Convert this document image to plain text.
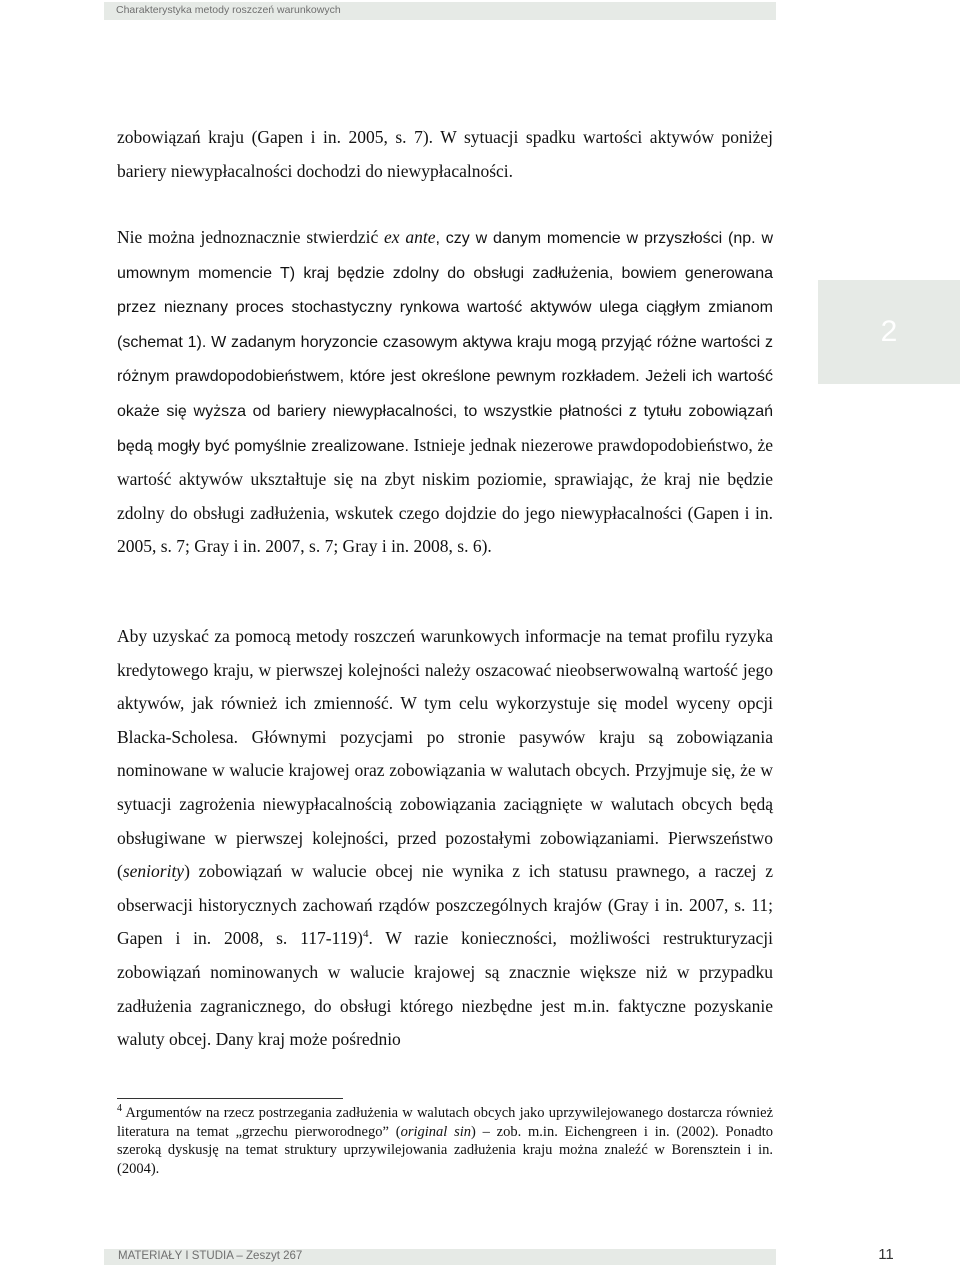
Charakterystyka metody roszczeń warunkowych

zobowiązań kraju (Gapen i in. 2005, s. 7). W sytuacji spadku wartości aktywów poniżej bariery niewypłacalności dochodzi do niewypłacalności.

Nie można jednoznacznie stwierdzić ex ante, czy w danym momencie w przyszłości (np. w umownym momencie T) kraj będzie zdolny do obsługi zadłużenia, bowiem generowana przez nieznany proces stochastyczny rynkowa wartość aktywów ulega ciągłym zmianom (schemat 1). W zadanym horyzoncie czasowym aktywa kraju mogą przyjąć różne wartości z różnym prawdopodobieństwem, które jest określone pewnym rozkładem. Jeżeli ich wartość okaże się wyższa od bariery niewypłacalności, to wszystkie płatności z tytułu zobowiązań będą mogły być pomyślnie zrealizowane. Istnieje jednak niezerowe prawdopodobieństwo, że wartość aktywów ukształtuje się na zbyt niskim poziomie, sprawiając, że kraj nie będzie zdolny do obsługi zadłużenia, wskutek czego dojdzie do jego niewypłacalności (Gapen i in. 2005, s. 7; Gray i in. 2007, s. 7; Gray i in. 2008, s. 6).

Aby uzyskać za pomocą metody roszczeń warunkowych informacje na temat profilu ryzyka kredytowego kraju, w pierwszej kolejności należy oszacować nieobserwowalną wartość jego aktywów, jak również ich zmienność. W tym celu wykorzystuje się model wyceny opcji Blacka-Scholesa. Głównymi pozycjami po stronie pasywów kraju są zobowiązania nominowane w walucie krajowej oraz zobowiązania w walutach obcych. Przyjmuje się, że w sytuacji zagrożenia niewypłacalnością zobowiązania zaciągnięte w walutach obcych będą obsługiwane w pierwszej kolejności, przed pozostałymi zobowiązaniami. Pierwszeństwo (seniority) zobowiązań w walucie obcej nie wynika z ich statusu prawnego, a raczej z obserwacji historycznych zachowań rządów poszczególnych krajów (Gray i in. 2007, s. 11; Gapen i in. 2008, s. 117-119)$^4$. W razie konieczności, możliwości restrukturyzacji zobowiązań nominowanych w walucie krajowej są znacznie większe niż w przypadku zadłużenia zagranicznego, do obsługi którego niezbędne jest m.in. faktyczne pozyskanie waluty obcej. Dany kraj może pośrednio

$^4$ Argumentów na rzecz postrzegania zadłużenia w walutach obcych jako uprzywilejowanego dostarcza również literatura na temat „grzechu pierworodnego” (original sin) – zob. m.in. Eichengreen i in. (2002). Ponadto szeroką dyskusję na temat struktury uprzywilejowania zadłużenia kraju można znaleźć w Borensztein i in. (2004).

2
MATERIAŁY I STUDIA – Zeszyt 267	11
